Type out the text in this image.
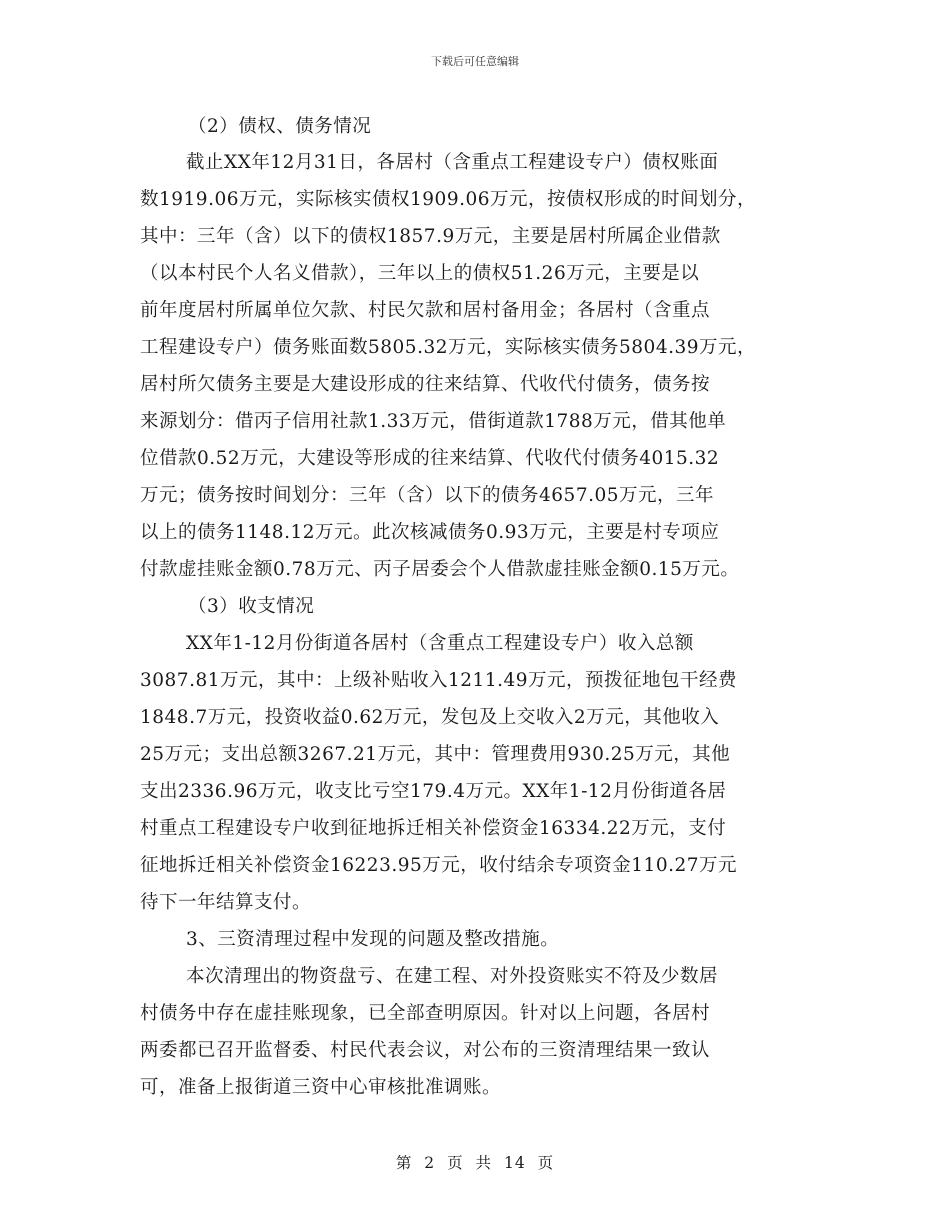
下载后可任意编辑
（2）债权、债务情况
截止XX年12月31日，各居村（含重点工程建设专户）债权账面
数1919.06万元，实际核实债权1909.06万元，按债权形成的时间划分，
其中：三年（含）以下的债权1857.9万元，主要是居村所属企业借款
（以本村民个人名义借款），三年以上的债权51.26万元，主要是以
前年度居村所属单位欠款、村民欠款和居村备用金；各居村（含重点
工程建设专户）债务账面数5805.32万元，实际核实债务5804.39万元，
居村所欠债务主要是大建设形成的往来结算、代收代付债务，债务按
来源划分：借丙子信用社款1.33万元，借街道款1788万元，借其他单
位借款0.52万元，大建设等形成的往来结算、代收代付债务4015.32
万元；债务按时间划分：三年（含）以下的债务4657.05万元，三年
以上的债务1148.12万元。此次核减债务0.93万元，主要是村专项应
付款虚挂账金额0.78万元、丙子居委会个人借款虚挂账金额0.15万元。
（3）收支情况
XX年1-12月份街道各居村（含重点工程建设专户）收入总额
3087.81万元，其中：上级补贴收入1211.49万元，预拨征地包干经费
1848.7万元，投资收益0.62万元，发包及上交收入2万元，其他收入
25万元；支出总额3267.21万元，其中：管理费用930.25万元，其他
支出2336.96万元，收支比亏空179.4万元。XX年1-12月份街道各居
村重点工程建设专户收到征地拆迁相关补偿资金16334.22万元，支付
征地拆迁相关补偿资金16223.95万元，收付结余专项资金110.27万元
待下一年结算支付。
3、三资清理过程中发现的问题及整改措施。
本次清理出的物资盘亏、在建工程、对外投资账实不符及少数居
村债务中存在虚挂账现象，已全部查明原因。针对以上问题，各居村
两委都已召开监督委、村民代表会议，对公布的三资清理结果一致认
可，准备上报街道三资中心审核批准调账。
第 2 页 共 14 页
